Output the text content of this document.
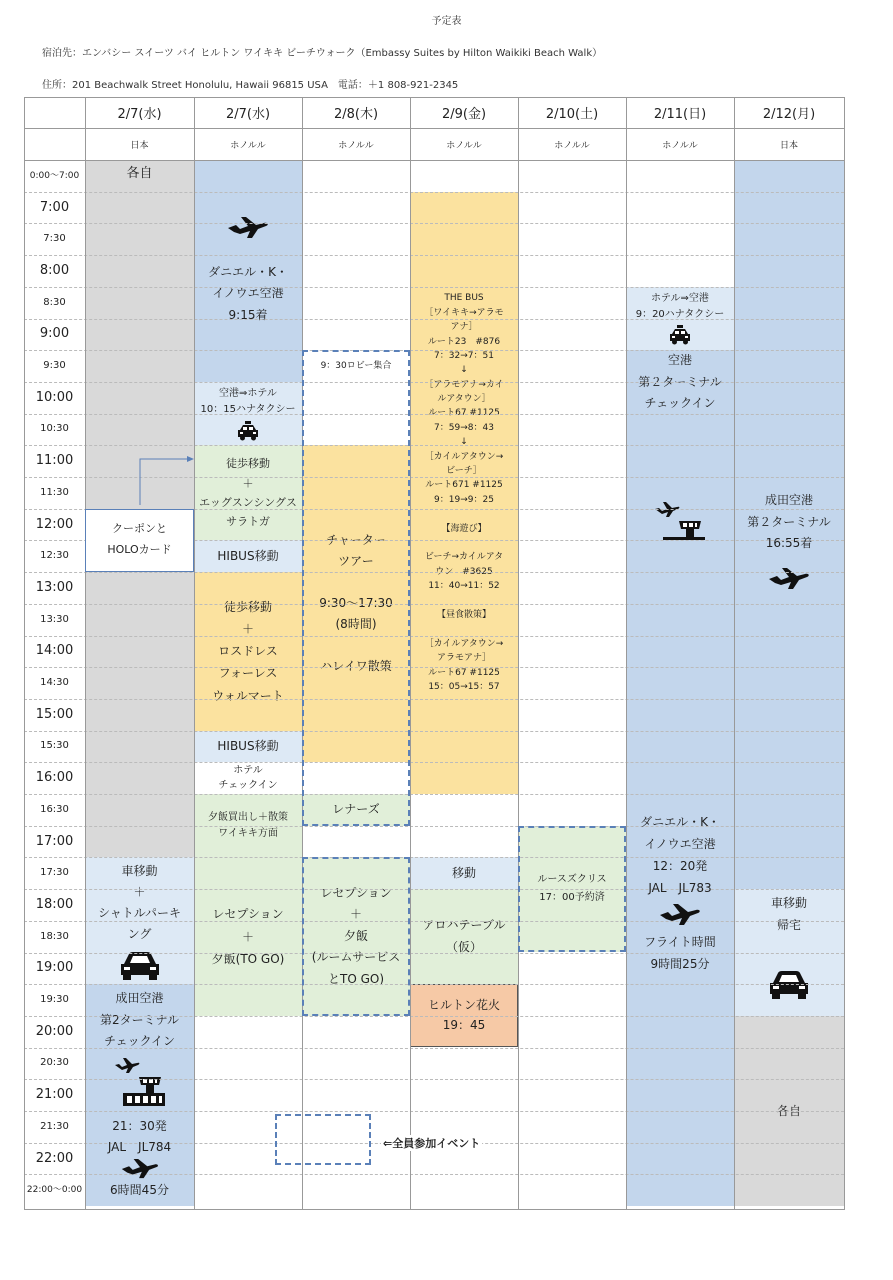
予定表
宿泊先：エンバシー スイーツ バイ ヒルトン ワイキキ ビーチウォーク（Embassy Suites by Hilton Waikiki Beach Walk）
住所：201 Beachwalk Street Honolulu, Hawaii 96815 USA　電話：＋1 808-921-2345
各自
車移動
＋
シャトルパーキ
ング
成田空港
第2ターミナル
チェックイン
ダニエル・K・
イノウエ空港
9:15着
空港⇒ホテル
10：15ハナタクシー
徒歩移動
＋
エッグスンシングス
サラトガ
HIBUS移動
徒歩移動
＋
ロスドレス
フォーレス
ウォルマート
HIBUS移動
ホテル
チェックイン
夕飯買出し＋散策
ワイキキ方面
レセプション
＋
夕飯(TO GO)
チャーター
ツアー

9:30〜17:30
(8時間)

ハレイワ散策
レナーズ
レセプション
＋
夕飯
(ルームサービス
とTO GO)
THE BUS
［ワイキキ→アラモ
アナ］
ルート23　#876
7：32→7：51
↓
［アラモアナ→カイ
ルアタウン］
ルート67 #1125
7：59→8：43
↓
［カイルアタウン→
ビーチ］
ルート671 #1125
9：19→9：25

【海遊び】

ビーチ→カイルアタ
ウン　#3625
11：40→11：52

【昼食散策】

［カイルアタウン→
アラモアナ］
ルート67 #1125
15：05→15：57
移動
アロハテーブル
（仮）
ヒルトン花火
19：45
ルースズクリス
17：00予約済
ホテル⇒空港
9：20ハナタクシー
空港
第２ターミナル
チェックイン
成田空港
第２ターミナル
16:55着
車移動
帰宅
各自
2/7(水)
日本
2/7(水)
ホノルル
2/8(木)
ホノルル
2/9(金)
ホノルル
2/10(土)
ホノルル
2/11(日)
ホノルル
2/12(月)
日本
0:00〜7:00
7:00
7:30
8:00
8:30
9:00
9:30
10:00
10:30
11:00
11:30
12:00
12:30
13:00
13:30
14:00
14:30
15:00
15:30
16:00
16:30
17:00
17:30
18:00
18:30
19:00
19:30
20:00
20:30
21:00
21:30
22:00
22:00〜0:00
21：30発
JAL　JL784
6時間45分
ダニエル・K・
イノウエ空港
12：20発
JAL　JL783
フライト時間
9時間25分
クーポンと
HOLOカード
9：30ロビー集合
⇐全員参加イベント
